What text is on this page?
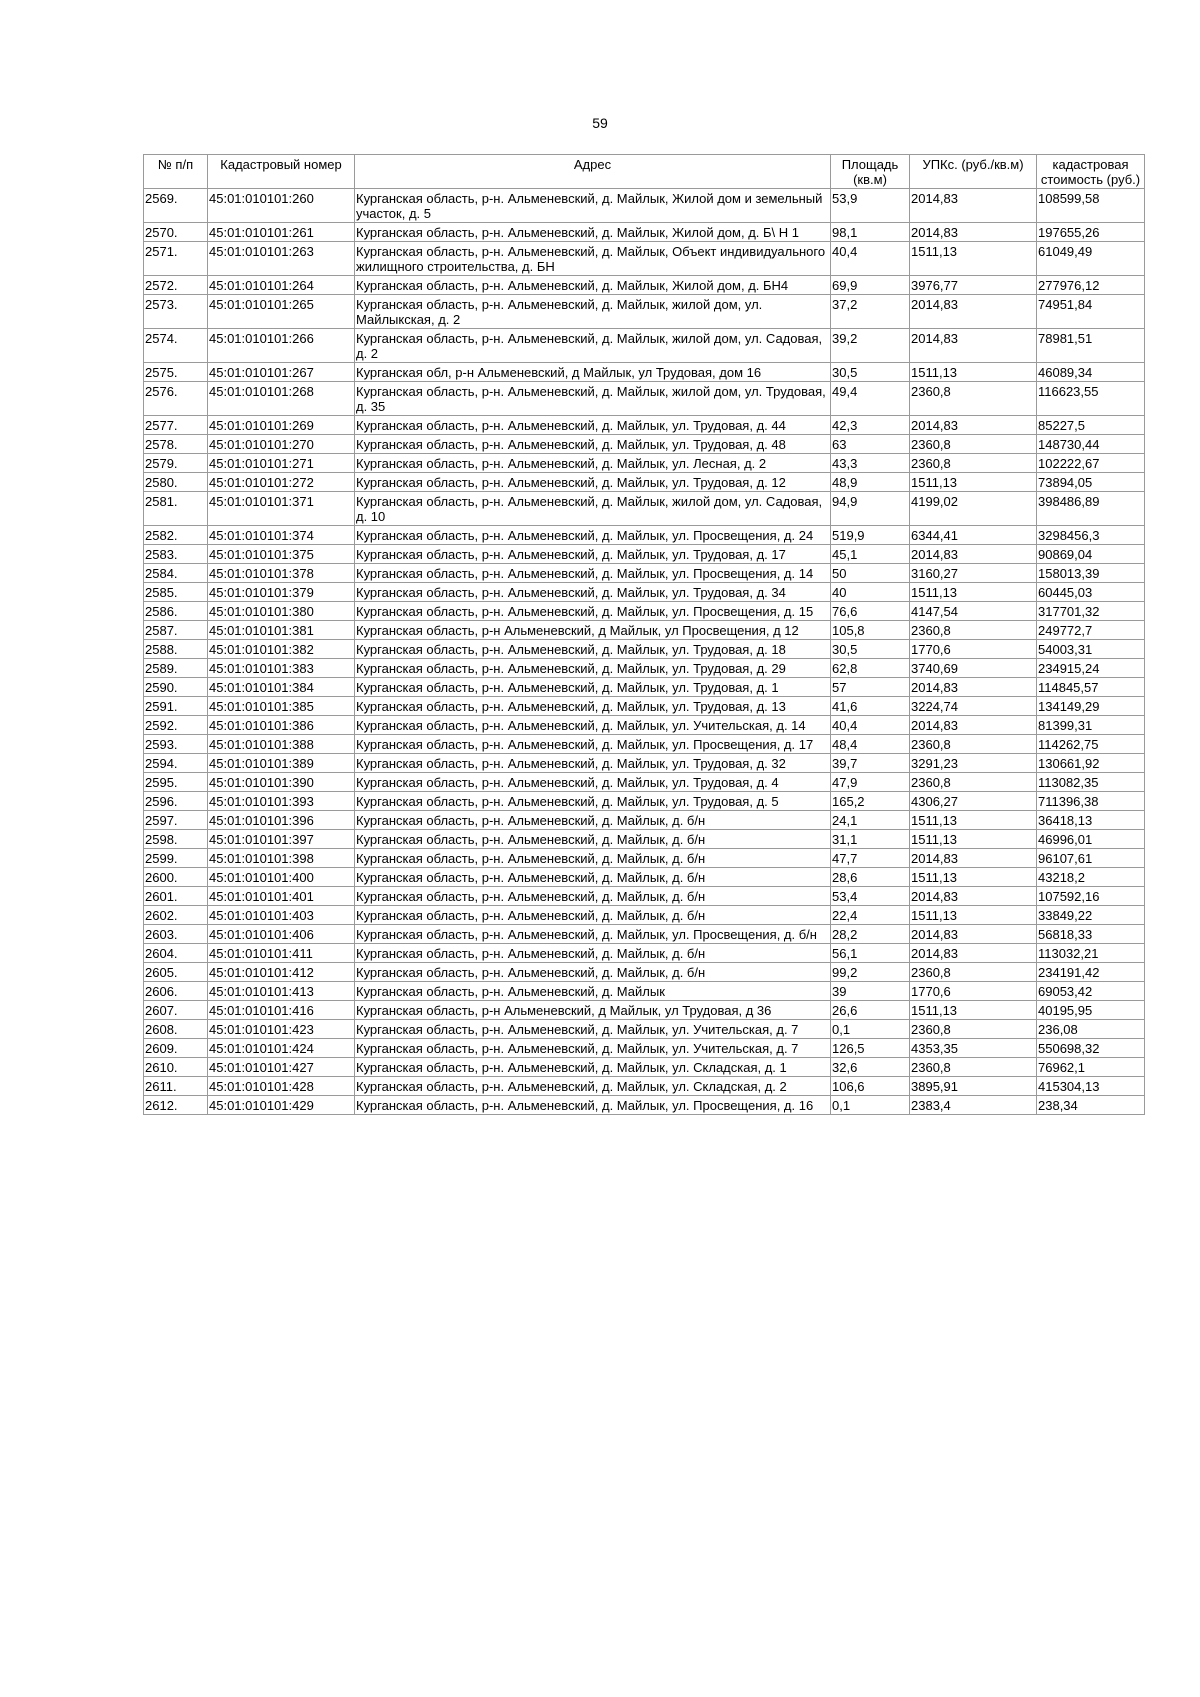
59
№ п/п	Кадастровый номер	Адрес	Площадь (кв.м)	УПКс. (руб./кв.м)	кадастровая стоимость (руб.)
2569.	45:01:010101:260	Курганская область, р-н. Альменевский, д. Майлык, Жилой дом и земельный участок, д. 5	53,9	2014,83	108599,58
2570.	45:01:010101:261	Курганская область, р-н. Альменевский, д. Майлык, Жилой дом, д. Б\ Н 1	98,1	2014,83	197655,26
2571.	45:01:010101:263	Курганская область, р-н. Альменевский, д. Майлык, Объект индивидуального жилищного строительства, д. БН	40,4	1511,13	61049,49
2572.	45:01:010101:264	Курганская область, р-н. Альменевский, д. Майлык, Жилой дом, д. БН4	69,9	3976,77	277976,12
2573.	45:01:010101:265	Курганская область, р-н. Альменевский, д. Майлык, жилой дом, ул. Майлыкская, д. 2	37,2	2014,83	74951,84
2574.	45:01:010101:266	Курганская область, р-н. Альменевский, д. Майлык, жилой дом, ул. Садовая, д. 2	39,2	2014,83	78981,51
2575.	45:01:010101:267	Курганская обл, р-н Альменевский, д Майлык, ул Трудовая, дом 16	30,5	1511,13	46089,34
2576.	45:01:010101:268	Курганская область, р-н. Альменевский, д. Майлык, жилой дом, ул. Трудовая, д. 35	49,4	2360,8	116623,55
2577.	45:01:010101:269	Курганская область, р-н. Альменевский, д. Майлык, ул. Трудовая, д. 44	42,3	2014,83	85227,5
2578.	45:01:010101:270	Курганская область, р-н. Альменевский, д. Майлык, ул. Трудовая, д. 48	63	2360,8	148730,44
2579.	45:01:010101:271	Курганская область, р-н. Альменевский, д. Майлык, ул. Лесная, д. 2	43,3	2360,8	102222,67
2580.	45:01:010101:272	Курганская область, р-н. Альменевский, д. Майлык, ул. Трудовая, д. 12	48,9	1511,13	73894,05
2581.	45:01:010101:371	Курганская область, р-н. Альменевский, д. Майлык, жилой дом, ул. Садовая, д. 10	94,9	4199,02	398486,89
2582.	45:01:010101:374	Курганская область, р-н. Альменевский, д. Майлык, ул. Просвещения, д. 24	519,9	6344,41	3298456,3
2583.	45:01:010101:375	Курганская область, р-н. Альменевский, д. Майлык, ул. Трудовая, д. 17	45,1	2014,83	90869,04
2584.	45:01:010101:378	Курганская область, р-н. Альменевский, д. Майлык, ул. Просвещения, д. 14	50	3160,27	158013,39
2585.	45:01:010101:379	Курганская область, р-н. Альменевский, д. Майлык, ул. Трудовая, д. 34	40	1511,13	60445,03
2586.	45:01:010101:380	Курганская область, р-н. Альменевский, д. Майлык, ул. Просвещения, д. 15	76,6	4147,54	317701,32
2587.	45:01:010101:381	Курганская область, р-н Альменевский, д Майлык, ул Просвещения, д 12	105,8	2360,8	249772,7
2588.	45:01:010101:382	Курганская область, р-н. Альменевский, д. Майлык, ул. Трудовая, д. 18	30,5	1770,6	54003,31
2589.	45:01:010101:383	Курганская область, р-н. Альменевский, д. Майлык, ул. Трудовая, д. 29	62,8	3740,69	234915,24
2590.	45:01:010101:384	Курганская область, р-н. Альменевский, д. Майлык, ул. Трудовая, д. 1	57	2014,83	114845,57
2591.	45:01:010101:385	Курганская область, р-н. Альменевский, д. Майлык, ул. Трудовая, д. 13	41,6	3224,74	134149,29
2592.	45:01:010101:386	Курганская область, р-н. Альменевский, д. Майлык, ул. Учительская, д. 14	40,4	2014,83	81399,31
2593.	45:01:010101:388	Курганская область, р-н. Альменевский, д. Майлык, ул. Просвещения, д. 17	48,4	2360,8	114262,75
2594.	45:01:010101:389	Курганская область, р-н. Альменевский, д. Майлык, ул. Трудовая, д. 32	39,7	3291,23	130661,92
2595.	45:01:010101:390	Курганская область, р-н. Альменевский, д. Майлык, ул. Трудовая, д. 4	47,9	2360,8	113082,35
2596.	45:01:010101:393	Курганская область, р-н. Альменевский, д. Майлык, ул. Трудовая, д. 5	165,2	4306,27	711396,38
2597.	45:01:010101:396	Курганская область, р-н. Альменевский, д. Майлык, д. б/н	24,1	1511,13	36418,13
2598.	45:01:010101:397	Курганская область, р-н. Альменевский, д. Майлык, д. б/н	31,1	1511,13	46996,01
2599.	45:01:010101:398	Курганская область, р-н. Альменевский, д. Майлык, д. б/н	47,7	2014,83	96107,61
2600.	45:01:010101:400	Курганская область, р-н. Альменевский, д. Майлык, д. б/н	28,6	1511,13	43218,2
2601.	45:01:010101:401	Курганская область, р-н. Альменевский, д. Майлык, д. б/н	53,4	2014,83	107592,16
2602.	45:01:010101:403	Курганская область, р-н. Альменевский, д. Майлык, д. б/н	22,4	1511,13	33849,22
2603.	45:01:010101:406	Курганская область, р-н. Альменевский, д. Майлык, ул. Просвещения, д. б/н	28,2	2014,83	56818,33
2604.	45:01:010101:411	Курганская область, р-н. Альменевский, д. Майлык, д. б/н	56,1	2014,83	113032,21
2605.	45:01:010101:412	Курганская область, р-н. Альменевский, д. Майлык, д. б/н	99,2	2360,8	234191,42
2606.	45:01:010101:413	Курганская область, р-н. Альменевский, д. Майлык	39	1770,6	69053,42
2607.	45:01:010101:416	Курганская область, р-н Альменевский, д Майлык, ул Трудовая, д 36	26,6	1511,13	40195,95
2608.	45:01:010101:423	Курганская область, р-н. Альменевский, д. Майлык, ул. Учительская, д. 7	0,1	2360,8	236,08
2609.	45:01:010101:424	Курганская область, р-н. Альменевский, д. Майлык, ул. Учительская, д. 7	126,5	4353,35	550698,32
2610.	45:01:010101:427	Курганская область, р-н. Альменевский, д. Майлык, ул. Складская, д. 1	32,6	2360,8	76962,1
2611.	45:01:010101:428	Курганская область, р-н. Альменевский, д. Майлык, ул. Складская, д. 2	106,6	3895,91	415304,13
2612.	45:01:010101:429	Курганская область, р-н. Альменевский, д. Майлык, ул. Просвещения, д. 16	0,1	2383,4	238,34
